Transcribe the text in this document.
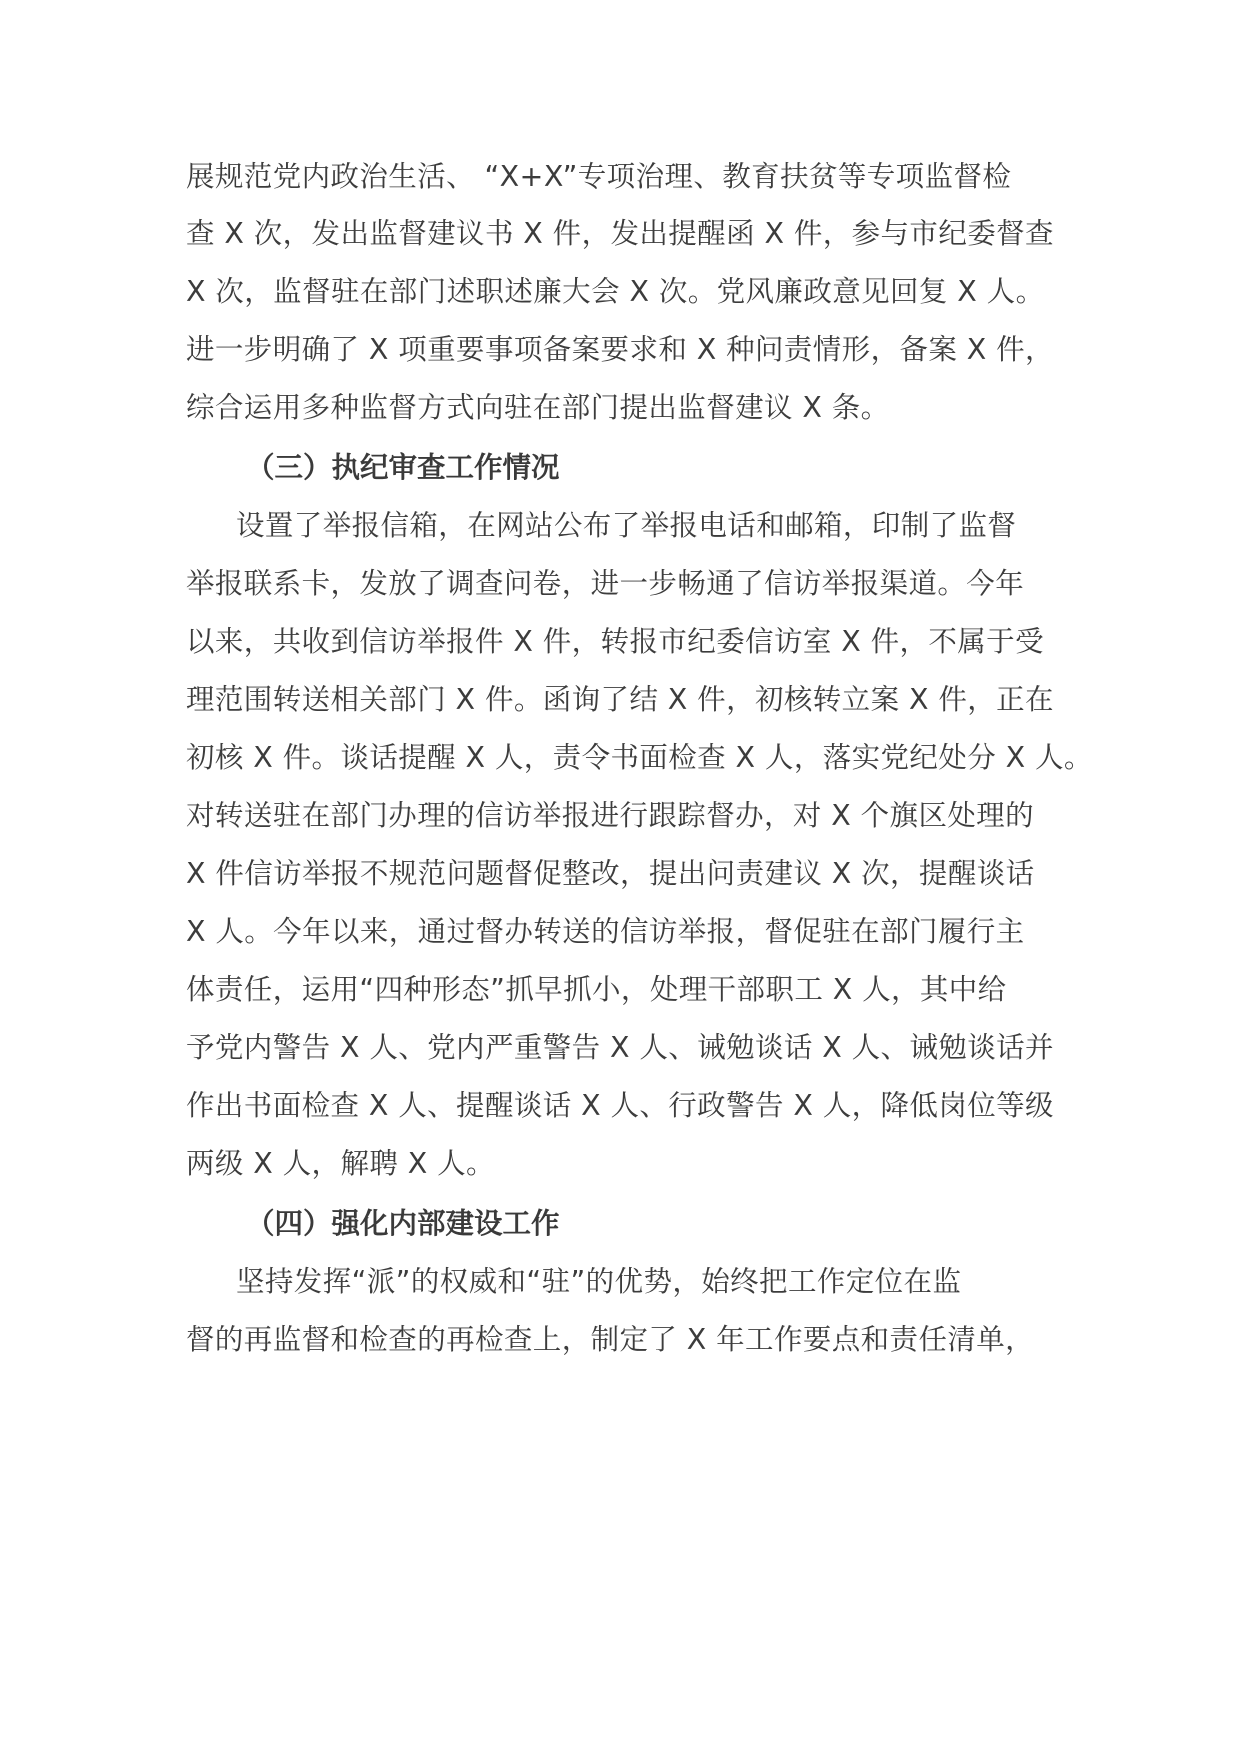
展规范党内政治生活、 “X+X”专项治理、教育扶贫等专项监督检
查 X 次，发出监督建议书 X 件，发出提醒函 X 件，参与市纪委督查
X 次，监督驻在部门述职述廉大会 X 次。党风廉政意见回复 X 人。
进一步明确了 X 项重要事项备案要求和 X 种问责情形，备案 X 件，
综合运用多种监督方式向驻在部门提出监督建议 X 条。
（三）执纪审查工作情况
设置了举报信箱，在网站公布了举报电话和邮箱，印制了监督
举报联系卡，发放了调查问卷，进一步畅通了信访举报渠道。今年
以来，共收到信访举报件 X 件，转报市纪委信访室 X 件，不属于受
理范围转送相关部门 X 件。函询了结 X 件，初核转立案 X 件，正在
初核 X 件。谈话提醒 X 人，责令书面检查 X 人，落实党纪处分 X 人。
对转送驻在部门办理的信访举报进行跟踪督办，对 X 个旗区处理的
X 件信访举报不规范问题督促整改，提出问责建议 X 次，提醒谈话
X 人。今年以来，通过督办转送的信访举报，督促驻在部门履行主
体责任，运用“四种形态”抓早抓小，处理干部职工 X 人，其中给
予党内警告 X 人、党内严重警告 X 人、诫勉谈话 X 人、诫勉谈话并
作出书面检查 X 人、提醒谈话 X 人、行政警告 X 人，降低岗位等级
两级 X 人，解聘 X 人。
（四）强化内部建设工作
坚持发挥“派”的权威和“驻”的优势，始终把工作定位在监
督的再监督和检查的再检查上，制定了 X 年工作要点和责任清单，
